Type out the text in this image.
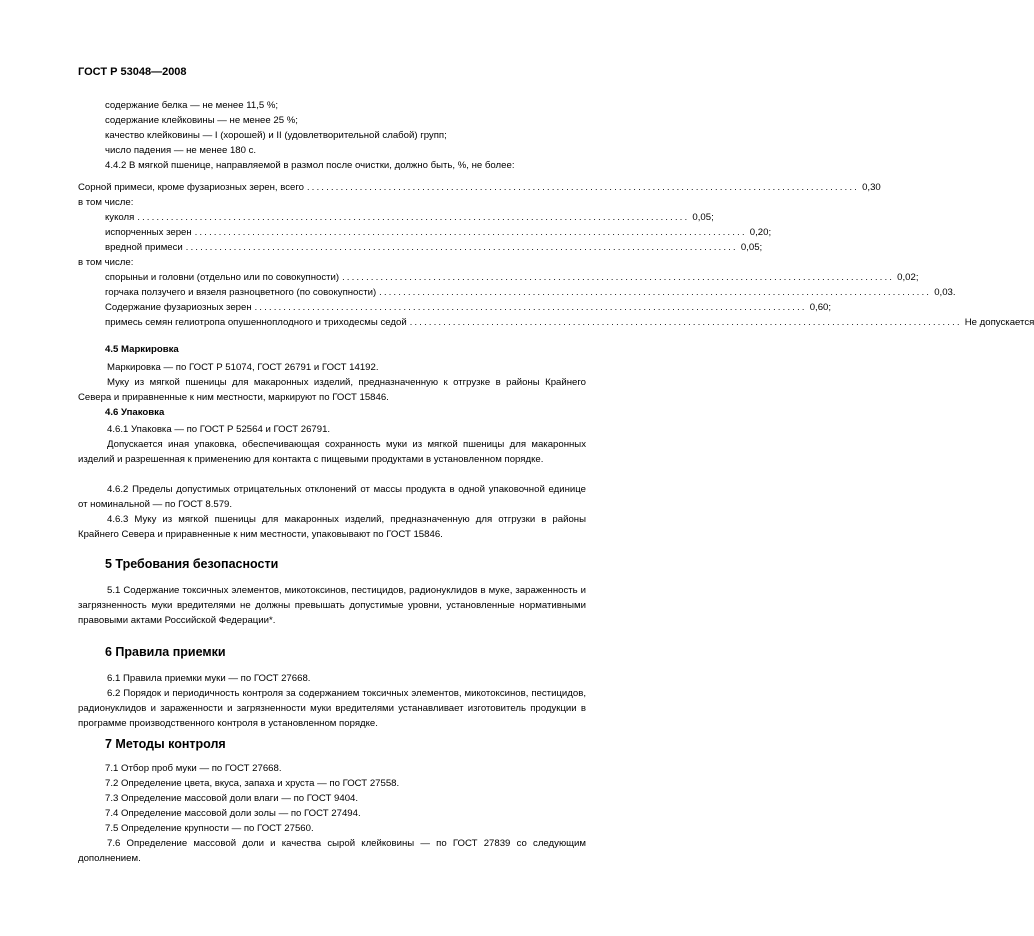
ГОСТ Р 53048—2008
содержание белка — не менее 11,5 %;
содержание клейковины — не менее 25 %;
качество клейковины — I (хорошей) и II (удовлетворительной слабой) групп;
число падения — не менее 180 с.
4.4.2 В мягкой пшенице, направляемой в размол после очистки, должно быть, %, не более:
Сорной примеси, кроме фузариозных зерен, всего ................................................................................................................... 0,30
в том числе:
куколя ................................................................................................................... 0,05;
испорченных зерен ................................................................................................................... 0,20;
вредной примеси ................................................................................................................... 0,05;
в том числе:
спорыньи и головни (отдельно или по совокупности) ................................................................................................................... 0,02;
горчака ползучего и вязеля разноцветного (по совокупности) ................................................................................................................... 0,03.
Содержание фузариозных зерен ................................................................................................................... 0,60;
примесь семян гелиотропа опушенноплодного и триходесмы седой ................................................................................................................... Не допускается
4.5 Маркировка
Маркировка — по ГОСТ Р 51074, ГОСТ 26791 и ГОСТ 14192.
Муку из мягкой пшеницы для макаронных изделий, предназначенную к отгрузке в районы Крайнего Севера и приравненные к ним местности, маркируют по ГОСТ 15846.
4.6 Упаковка
4.6.1 Упаковка — по ГОСТ Р 52564 и ГОСТ 26791.
Допускается иная упаковка, обеспечивающая сохранность муки из мягкой пшеницы для макаронных изделий и разрешенная к применению для контакта с пищевыми продуктами в установленном порядке.
4.6.2 Пределы допустимых отрицательных отклонений от массы продукта в одной упаковочной единице от номинальной — по ГОСТ 8.579.
4.6.3 Муку из мягкой пшеницы для макаронных изделий, предназначенную для отгрузки в районы Крайнего Севера и приравненные к ним местности, упаковывают по ГОСТ 15846.
5 Требования безопасности
5.1 Содержание токсичных элементов, микотоксинов, пестицидов, радионуклидов в муке, зараженность и загрязненность муки вредителями не должны превышать допустимые уровни, установленные нормативными правовыми актами Российской Федерации*.
6 Правила приемки
6.1 Правила приемки муки — по ГОСТ 27668.
6.2 Порядок и периодичность контроля за содержанием токсичных элементов, микотоксинов, пестицидов, радионуклидов и зараженности и загрязненности муки вредителями устанавливает изготовитель продукции в программе производственного контроля в установленном порядке.
7 Методы контроля
7.1 Отбор проб муки — по ГОСТ 27668.
7.2 Определение цвета, вкуса, запаха и хруста — по ГОСТ 27558.
7.3 Определение массовой доли влаги — по ГОСТ 9404.
7.4 Определение массовой доли золы — по ГОСТ 27494.
7.5 Определение крупности — по ГОСТ 27560.
7.6 Определение массовой доли и качества сырой клейковины — по ГОСТ 27839 со следующим дополнением.
